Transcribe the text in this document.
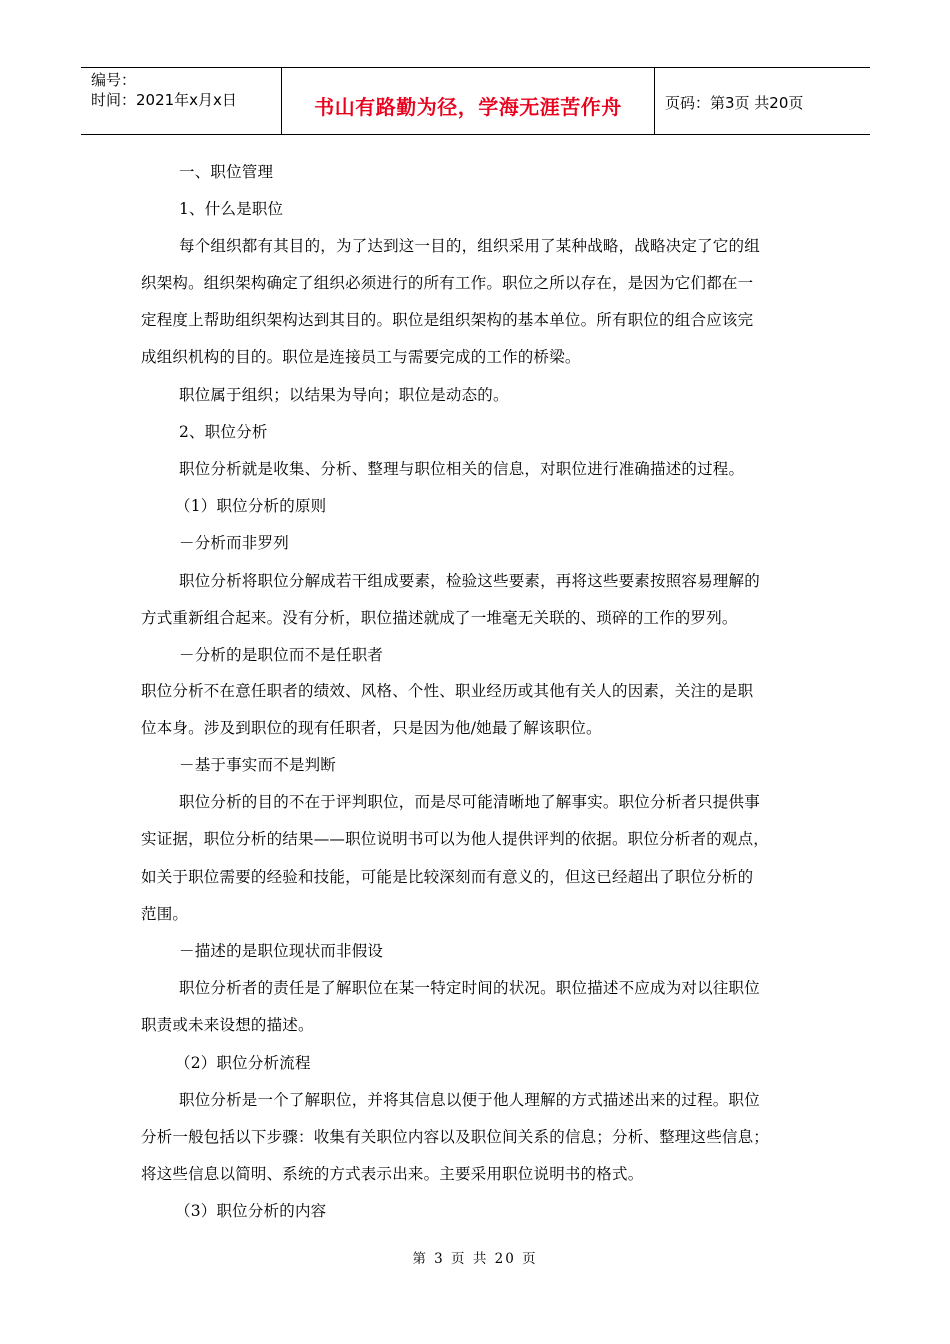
编号：
时间：2021年x月x日	书山有路勤为径，学海无涯苦作舟	页码：第3页 共20页
一、职位管理
1、什么是职位
每个组织都有其目的，为了达到这一目的，组织采用了某种战略，战略决定了它的组
织架构。组织架构确定了组织必须进行的所有工作。职位之所以存在，是因为它们都在一
定程度上帮助组织架构达到其目的。职位是组织架构的基本单位。所有职位的组合应该完
成组织机构的目的。职位是连接员工与需要完成的工作的桥梁。
职位属于组织；以结果为导向；职位是动态的。
2、职位分析
职位分析就是收集、分析、整理与职位相关的信息，对职位进行准确描述的过程。
（1）职位分析的原则
－分析而非罗列
职位分析将职位分解成若干组成要素，检验这些要素，再将这些要素按照容易理解的
方式重新组合起来。没有分析，职位描述就成了一堆毫无关联的、琐碎的工作的罗列。
－分析的是职位而不是任职者
职位分析不在意任职者的绩效、风格、个性、职业经历或其他有关人的因素，关注的是职
位本身。涉及到职位的现有任职者，只是因为他/她最了解该职位。
－基于事实而不是判断
职位分析的目的不在于评判职位，而是尽可能清晰地了解事实。职位分析者只提供事
实证据，职位分析的结果——职位说明书可以为他人提供评判的依据。职位分析者的观点，
如关于职位需要的经验和技能，可能是比较深刻而有意义的，但这已经超出了职位分析的
范围。
－描述的是职位现状而非假设
职位分析者的责任是了解职位在某一特定时间的状况。职位描述不应成为对以往职位
职责或未来设想的描述。
（2）职位分析流程
职位分析是一个了解职位，并将其信息以便于他人理解的方式描述出来的过程。职位
分析一般包括以下步骤：收集有关职位内容以及职位间关系的信息；分析、整理这些信息；
将这些信息以简明、系统的方式表示出来。主要采用职位说明书的格式。
（3）职位分析的内容
第 3 页 共 20 页
